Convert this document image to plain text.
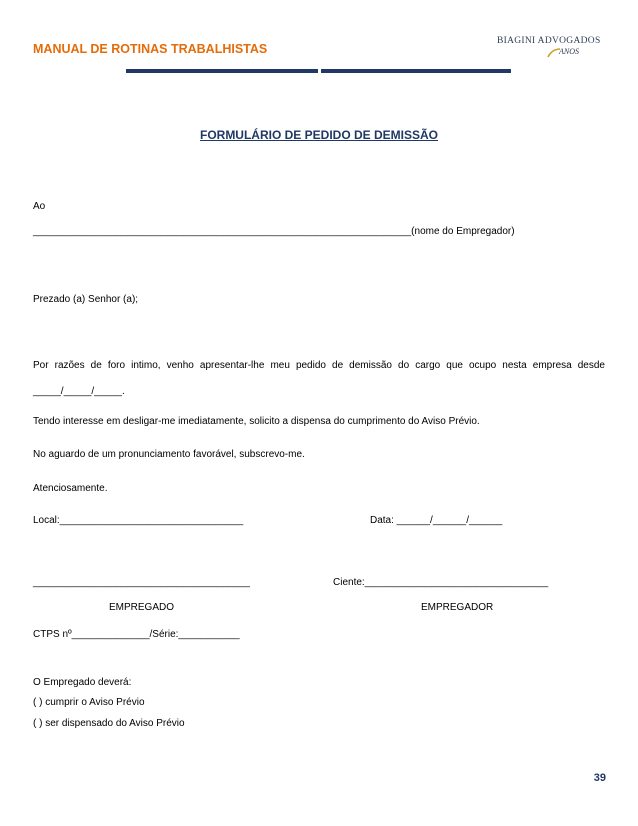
MANUAL DE ROTINAS TRABALHISTAS
BIAGINI ADVOGADOS
ANOS
FORMULÁRIO DE PEDIDO DE DEMISSÃO
Ao
____________________________________________________________________(nome do Empregador)
Prezado (a) Senhor (a);
Por razões de foro intimo, venho apresentar-lhe meu pedido de demissão do cargo que ocupo nesta empresa desde
_____/_____/_____.
Tendo interesse em desligar-me imediatamente, solicito a dispensa do cumprimento do Aviso Prévio.
No aguardo de um pronunciamento favorável, subscrevo-me.
Atenciosamente.
Local:_________________________________	Data: ______/______/______
_______________________________________	Ciente:_________________________________
EMPREGADO	EMPREGADOR
CTPS nº______________/Série:___________
O Empregado deverá:
( ) cumprir o Aviso Prévio
( ) ser dispensado do Aviso Prévio
39
